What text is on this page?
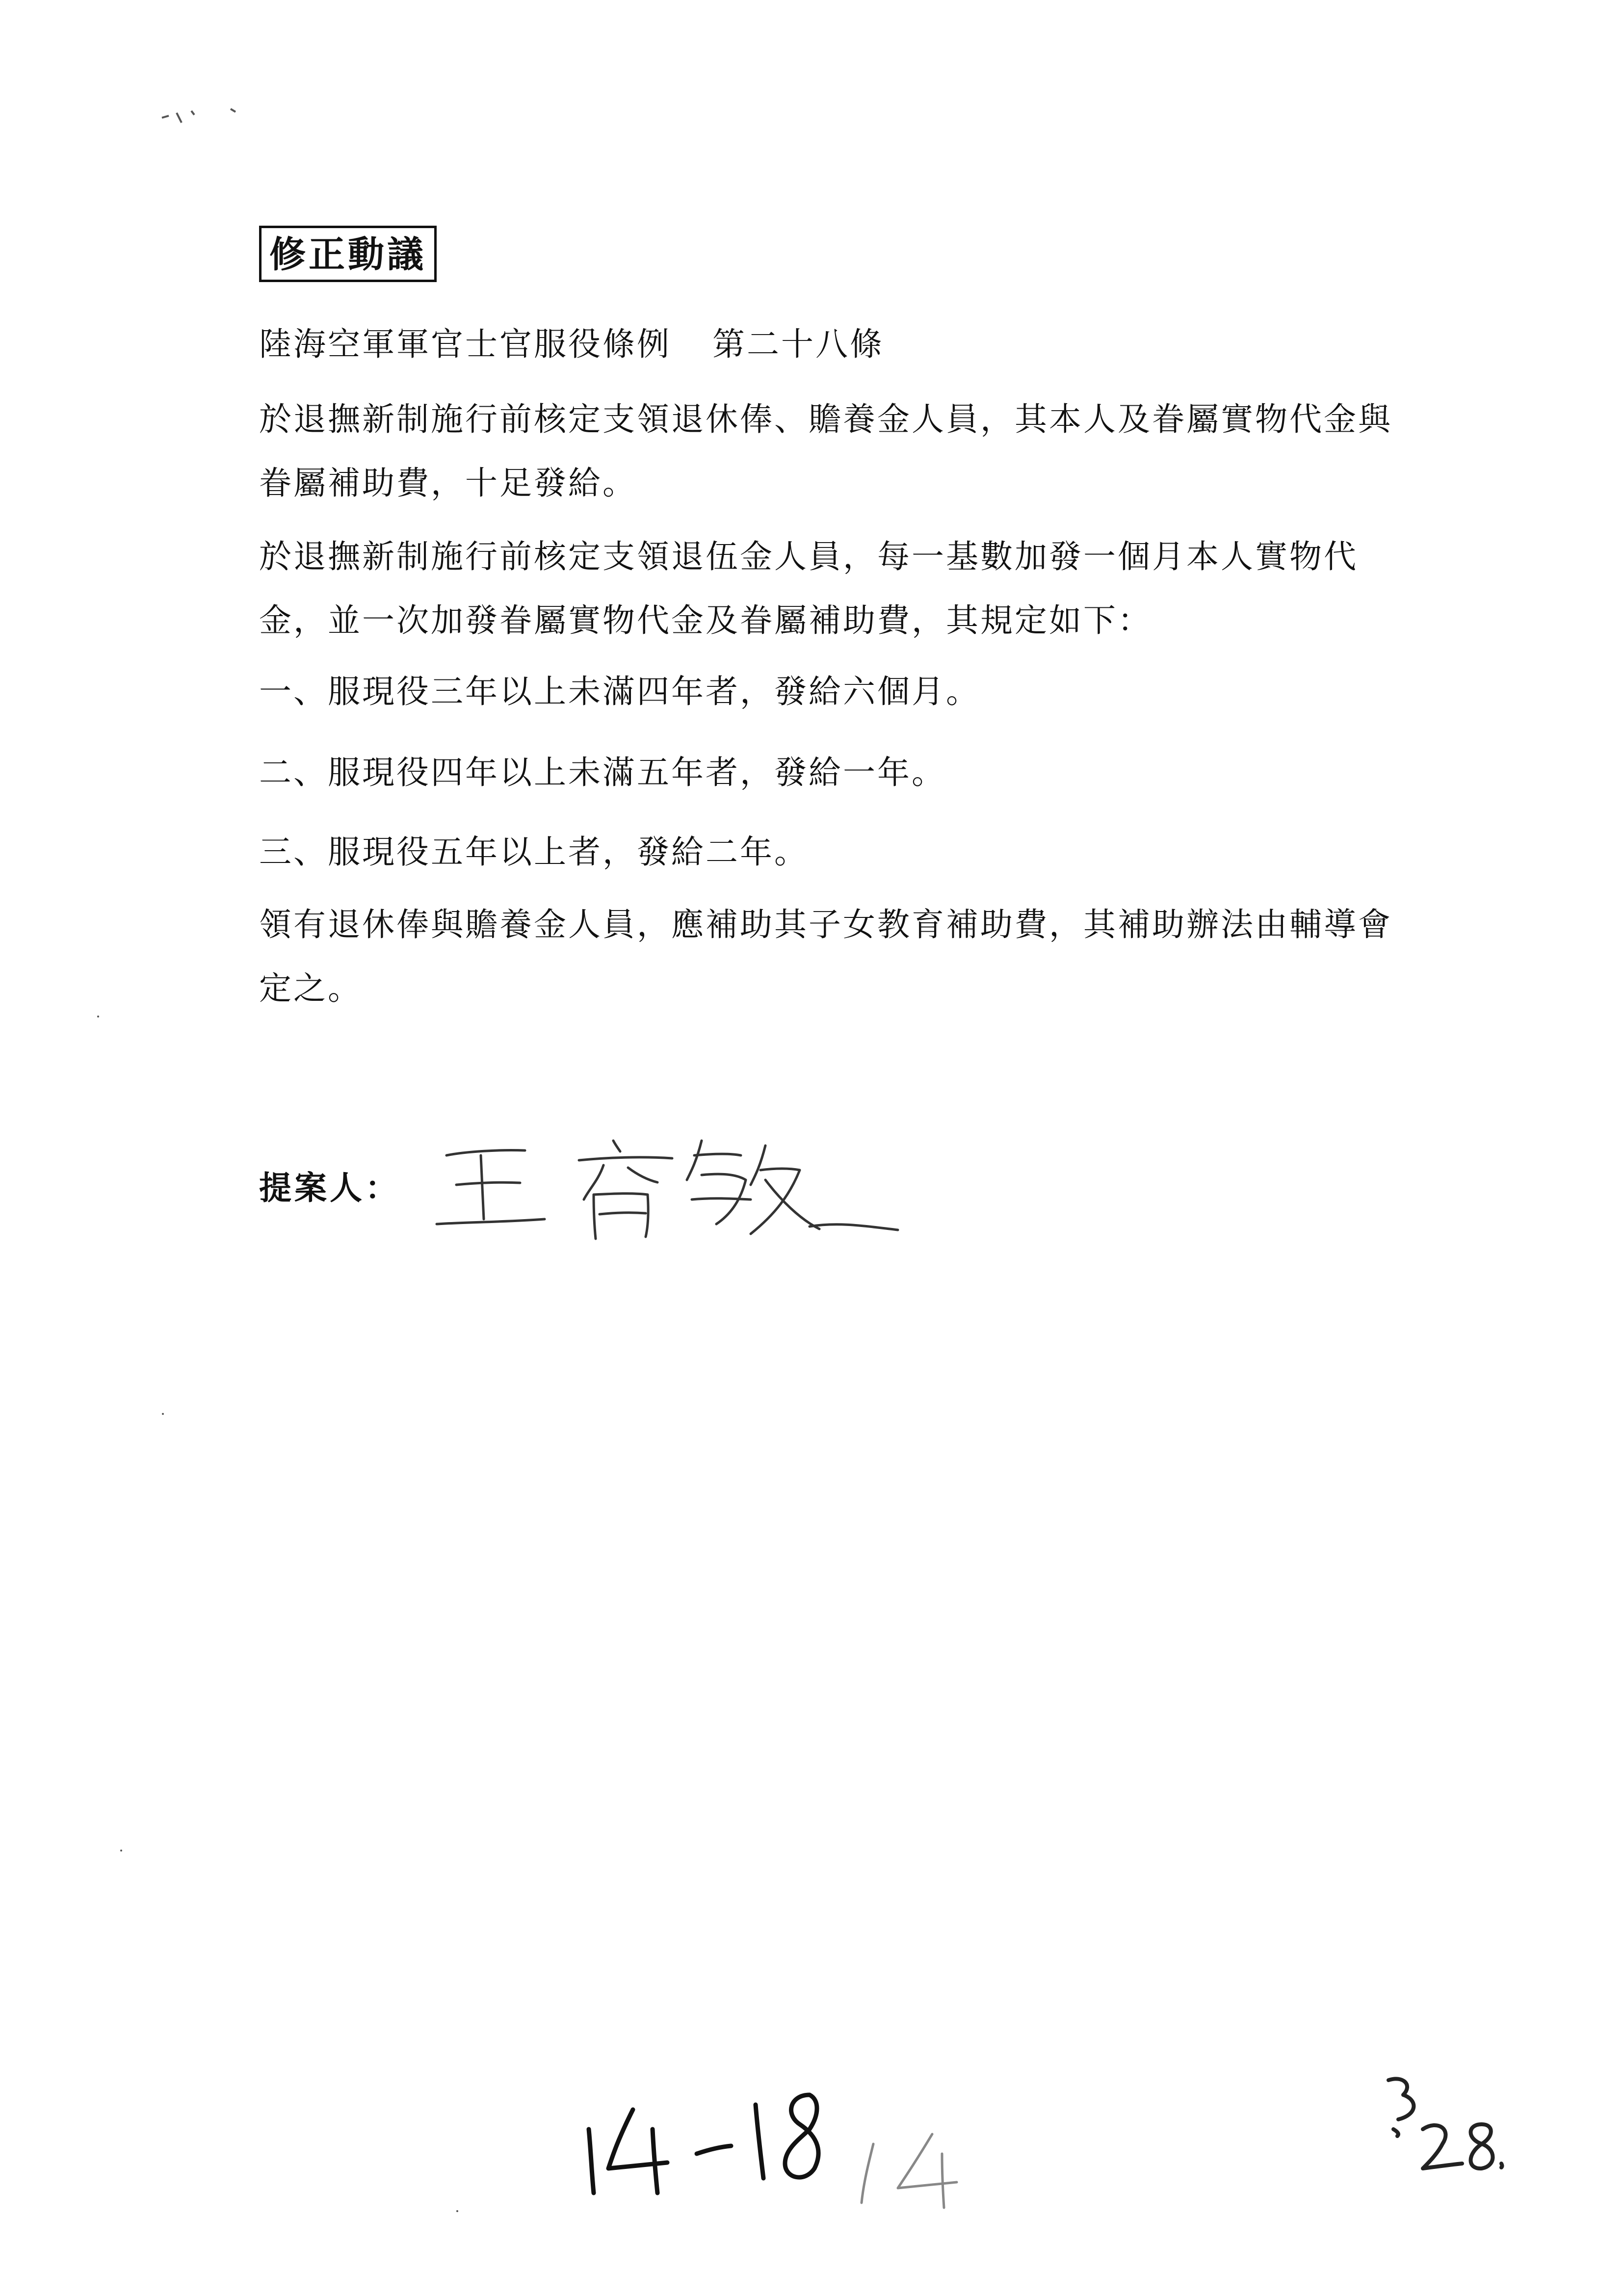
修正動議
陸海空軍軍官士官服役條例 第二十八條
於退撫新制施行前核定支領退休俸、贍養金人員，其本人及眷屬實物代金與眷屬補助費，十足發給。
於退撫新制施行前核定支領退伍金人員，每一基數加發一個月本人實物代金，並一次加發眷屬實物代金及眷屬補助費，其規定如下：
一、服現役三年以上未滿四年者，發給六個月。
二、服現役四年以上未滿五年者，發給一年。
三、服現役五年以上者，發給二年。
領有退休俸與贍養金人員，應補助其子女教育補助費，其補助辦法由輔導會定之。
提案人：
